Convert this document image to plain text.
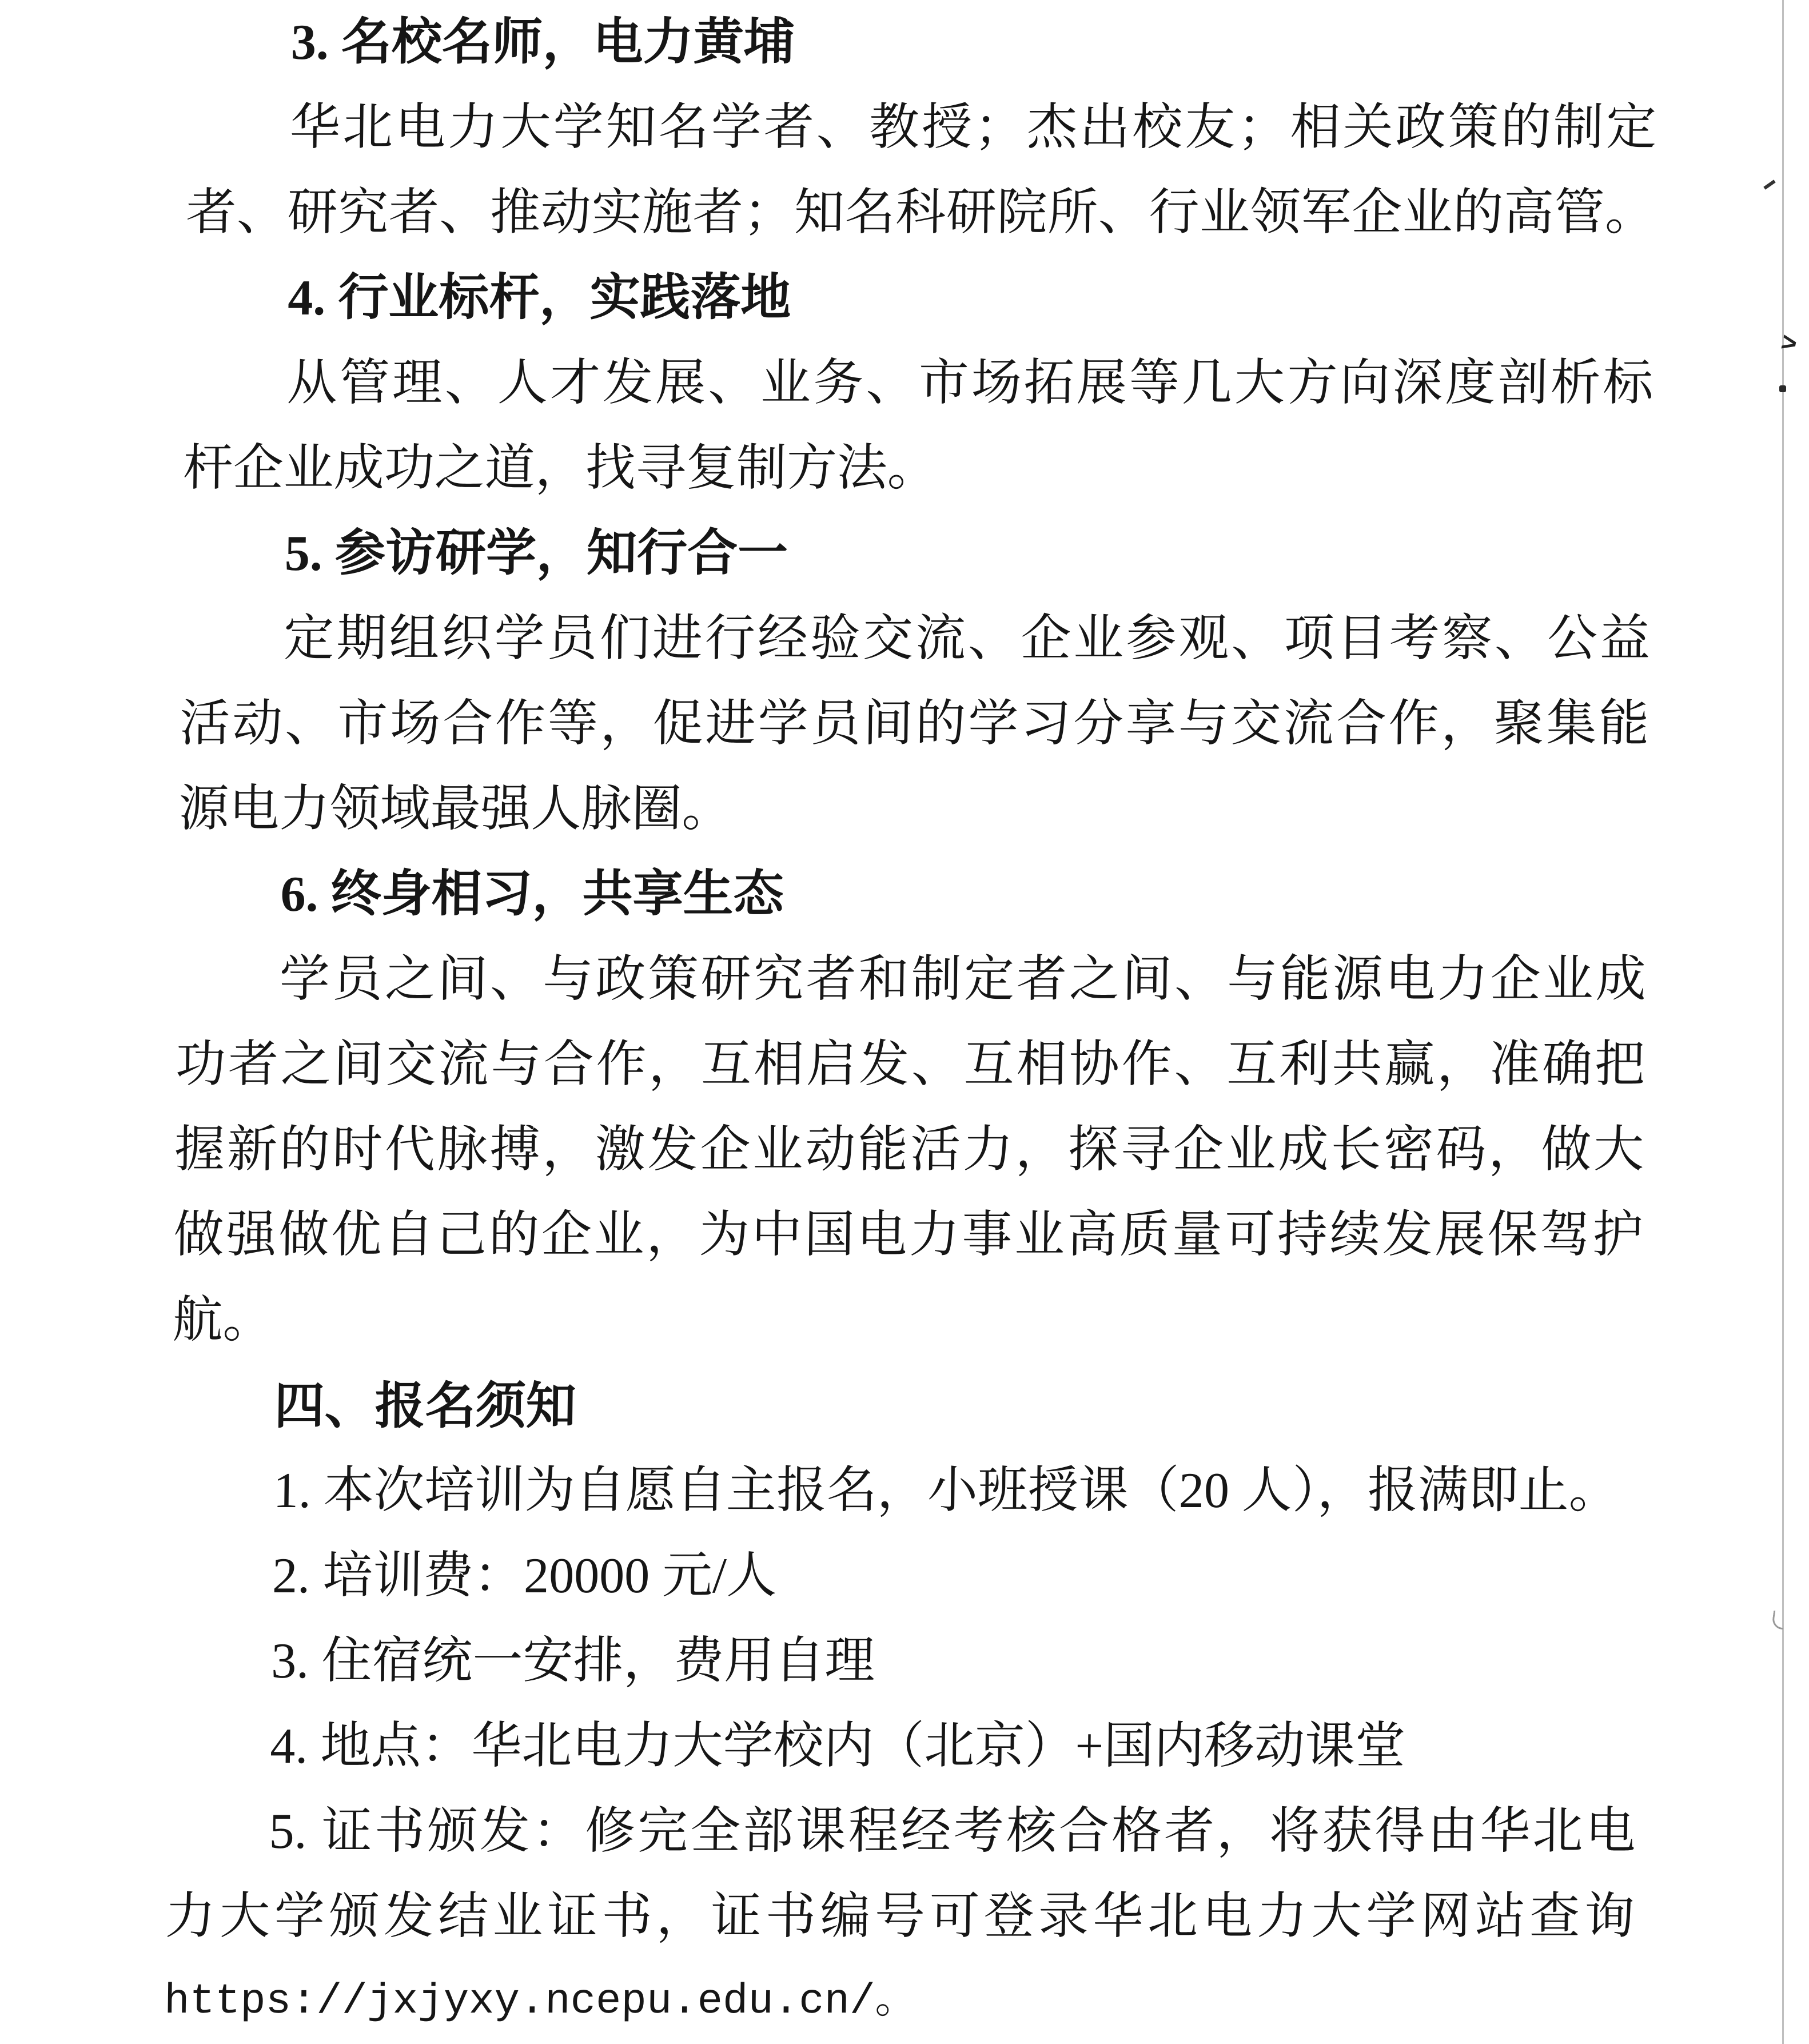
3. 名校名师，电力黄埔
华北电力大学知名学者、教授；杰出校友；相关政策的制定
者、研究者、推动实施者；知名科研院所、行业领军企业的高管。
4. 行业标杆，实践落地
从管理、人才发展、业务、市场拓展等几大方向深度剖析标
杆企业成功之道，找寻复制方法。
5. 参访研学，知行合一
定期组织学员们进行经验交流、企业参观、项目考察、公益
活动、市场合作等，促进学员间的学习分享与交流合作，聚集能
源电力领域最强人脉圈。
6. 终身相习，共享生态
学员之间、与政策研究者和制定者之间、与能源电力企业成
功者之间交流与合作，互相启发、互相协作、互利共赢，准确把
握新的时代脉搏，激发企业动能活力，探寻企业成长密码，做大
做强做优自己的企业，为中国电力事业高质量可持续发展保驾护
航。
四、报名须知
1. 本次培训为自愿自主报名，小班授课（20 人），报满即止。
2. 培训费：20000 元/人
3. 住宿统一安排，费用自理
4. 地点：华北电力大学校内（北京）+国内移动课堂
5. 证书颁发：修完全部课程经考核合格者，将获得由华北电
力大学颁发结业证书，证书编号可登录华北电力大学网站查询
https://jxjyxy.ncepu.edu.cn/。
>
